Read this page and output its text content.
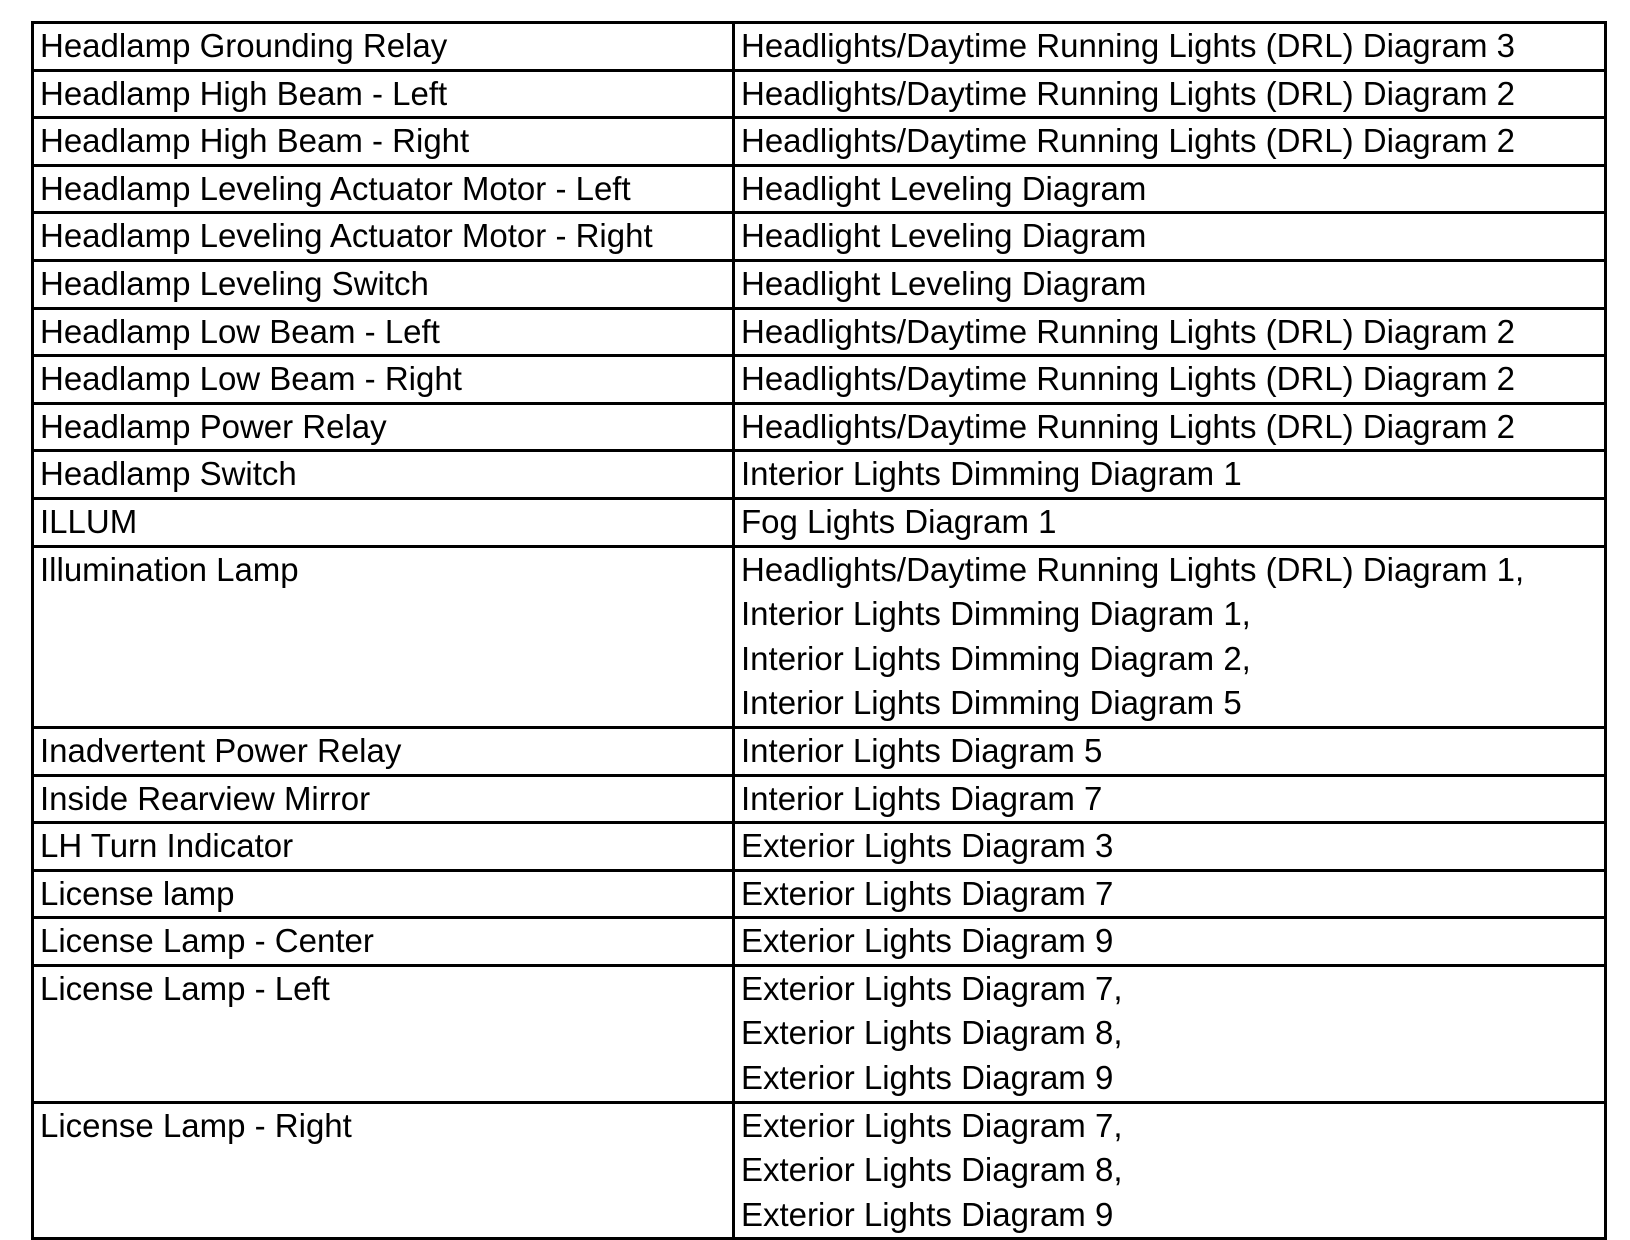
Headlamp Grounding Relay	Headlights/Daytime Running Lights (DRL) Diagram 3

Headlamp High Beam - Left	Headlights/Daytime Running Lights (DRL) Diagram 2

Headlamp High Beam - Right	Headlights/Daytime Running Lights (DRL) Diagram 2

Headlamp Leveling Actuator Motor - Left	Headlight Leveling Diagram

Headlamp Leveling Actuator Motor - Right	Headlight Leveling Diagram

Headlamp Leveling Switch	Headlight Leveling Diagram

Headlamp Low Beam - Left	Headlights/Daytime Running Lights (DRL) Diagram 2

Headlamp Low Beam - Right	Headlights/Daytime Running Lights (DRL) Diagram 2

Headlamp Power Relay	Headlights/Daytime Running Lights (DRL) Diagram 2

Headlamp Switch	Interior Lights Dimming Diagram 1

ILLUM	Fog Lights Diagram 1

Illumination Lamp	Headlights/Daytime Running Lights (DRL) Diagram 1,
Interior Lights Dimming Diagram 1,
Interior Lights Dimming Diagram 2,
Interior Lights Dimming Diagram 5

Inadvertent Power Relay	Interior Lights Diagram 5

Inside Rearview Mirror	Interior Lights Diagram 7

LH Turn Indicator	Exterior Lights Diagram 3

License lamp	Exterior Lights Diagram 7

License Lamp - Center	Exterior Lights Diagram 9

License Lamp - Left	Exterior Lights Diagram 7,
Exterior Lights Diagram 8,
Exterior Lights Diagram 9

License Lamp - Right	Exterior Lights Diagram 7,
Exterior Lights Diagram 8,
Exterior Lights Diagram 9
